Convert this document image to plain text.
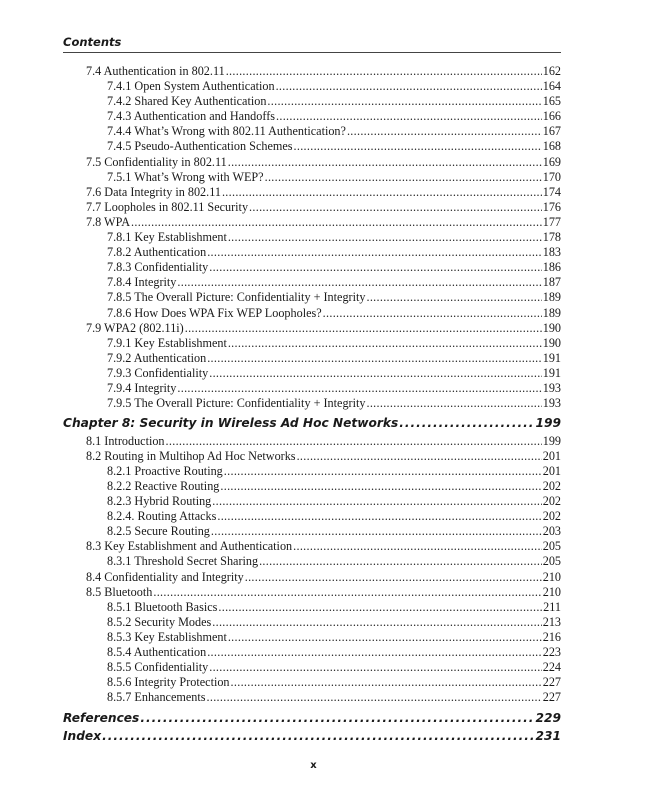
Contents
7.4 Authentication in 802.11 .....	162
7.4.1 Open System Authentication .....	164
7.4.2 Shared Key Authentication .....	165
7.4.3 Authentication and Handoffs .....	166
7.4.4 What’s Wrong with 802.11 Authentication? .....	167
7.4.5 Pseudo-Authentication Schemes .....	168
7.5 Confidentiality in 802.11 .....	169
7.5.1 What’s Wrong with WEP? .....	170
7.6 Data Integrity in 802.11 .....	174
7.7 Loopholes in 802.11 Security .....	176
7.8 WPA .....	177
7.8.1 Key Establishment .....	178
7.8.2 Authentication .....	183
7.8.3 Confidentiality .....	186
7.8.4 Integrity .....	187
7.8.5 The Overall Picture: Confidentiality + Integrity .....	189
7.8.6 How Does WPA Fix WEP Loopholes? .....	189
7.9 WPA2 (802.11i) .....	190
7.9.1 Key Establishment .....	190
7.9.2 Authentication .....	191
7.9.3 Confidentiality .....	191
7.9.4 Integrity .....	193
7.9.5 The Overall Picture: Confidentiality + Integrity .....	193
Chapter 8: Security in Wireless Ad Hoc Networks .....	199
8.1 Introduction .....	199
8.2 Routing in Multihop Ad Hoc Networks .....	201
8.2.1 Proactive Routing .....	201
8.2.2 Reactive Routing .....	202
8.2.3 Hybrid Routing .....	202
8.2.4. Routing Attacks .....	202
8.2.5 Secure Routing .....	203
8.3 Key Establishment and Authentication .....	205
8.3.1 Threshold Secret Sharing .....	205
8.4 Confidentiality and Integrity .....	210
8.5 Bluetooth .....	210
8.5.1 Bluetooth Basics .....	211
8.5.2 Security Modes .....	213
8.5.3 Key Establishment .....	216
8.5.4 Authentication .....	223
8.5.5 Confidentiality .....	224
8.5.6 Integrity Protection .....	227
8.5.7 Enhancements .....	227
References .....	229
Index .....	231
x
